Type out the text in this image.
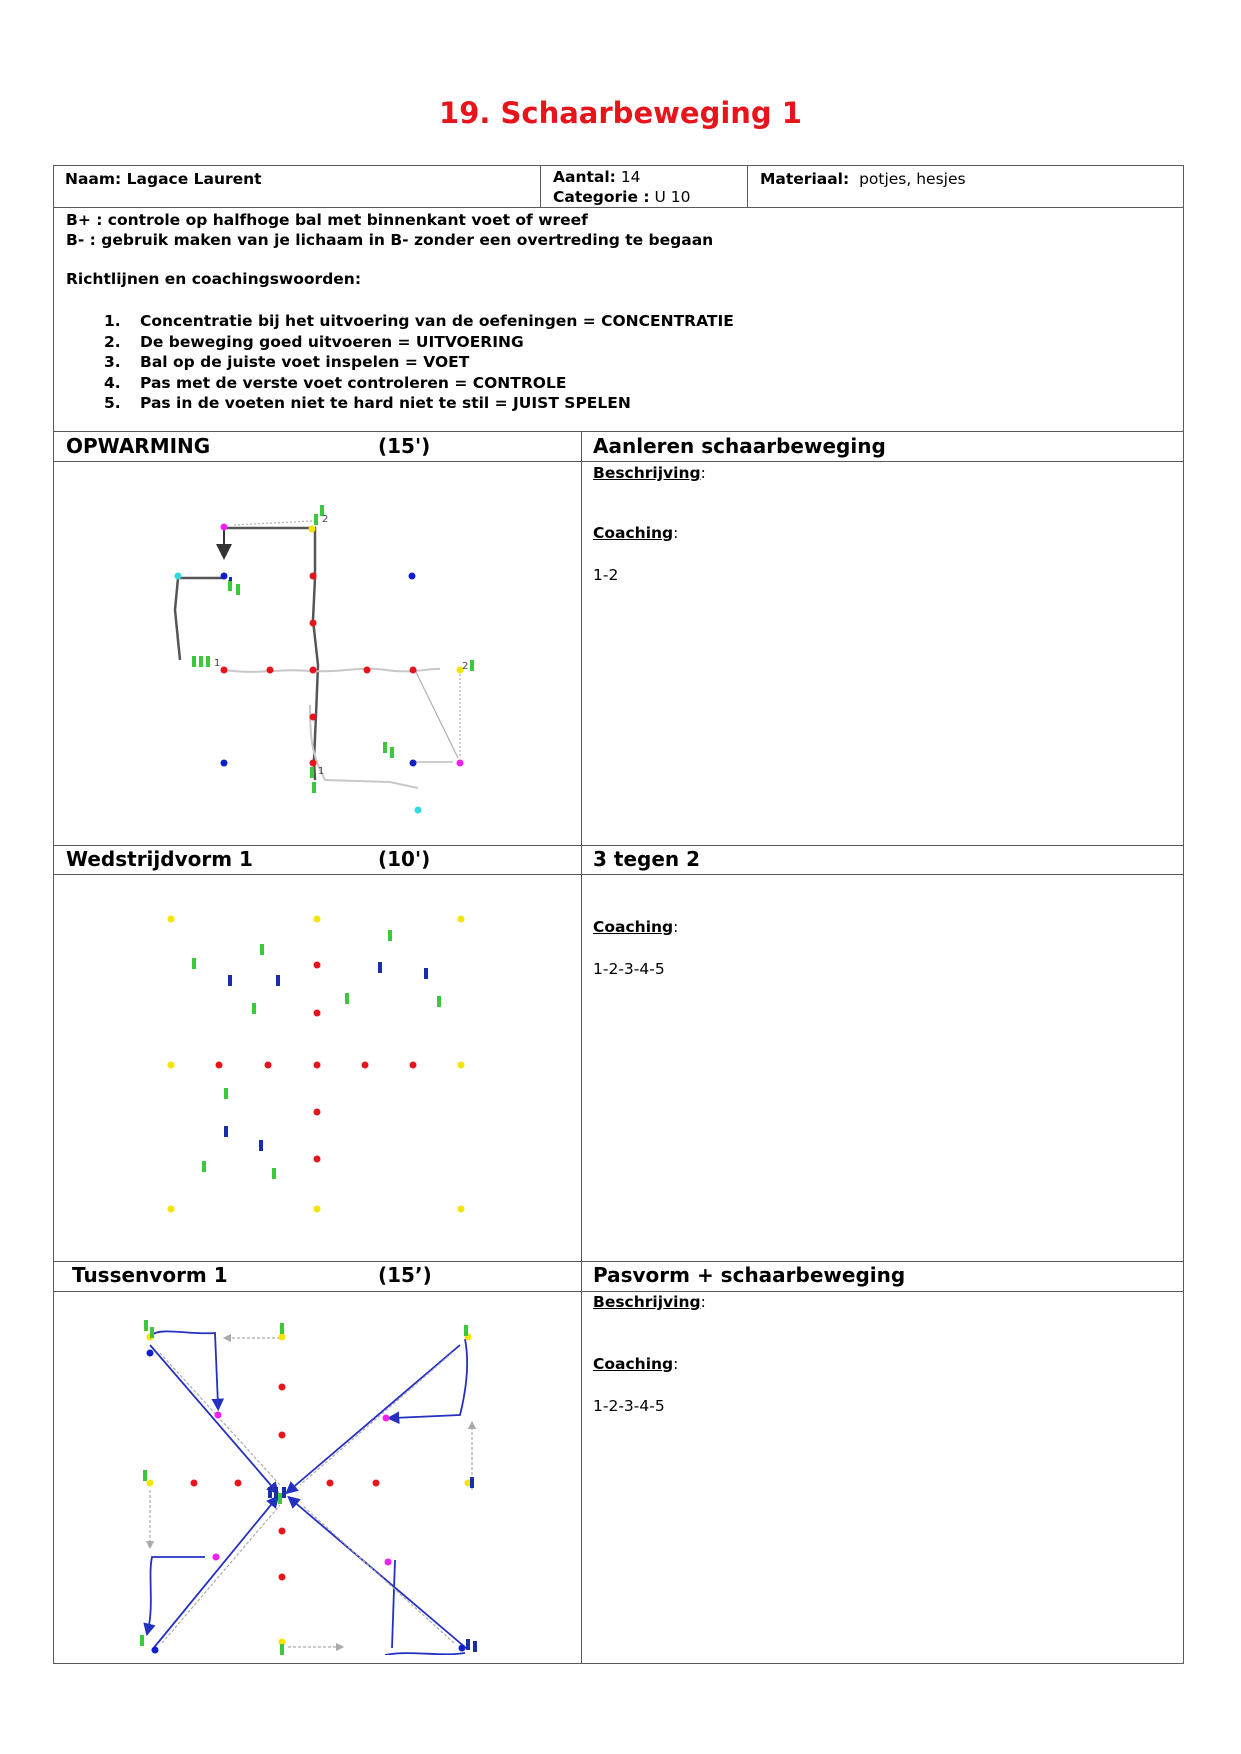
19. Schaarbeweging 1
Naam: Lagace Laurent	Aantal: 14
Categorie : U 10
Materiaal: potjes, hesjes

B+ : controle op halfhoge bal met binnenkant voet of wreef

B- : gebruik maken van je lichaam in B- zonder een overtreding te begaan

Richtlijnen en coachingswoorden:
1. Concentratie bij het uitvoering van de oefeningen = CONCENTRATIE
2. De beweging goed uitvoeren = UITVOERING
3. Bal op de juiste voet inspelen = VOET
4. Pas met de verste voet controleren = CONTROLE
5. Pas in de voeten niet te hard niet te stil = JUIST SPELEN
OPWARMING	(15')	Aanleren schaarbeweging
Beschrijving:
Coaching:
1-2
2
1	2
1
Wedstrijdvorm 1	(10')	3 tegen 2
Coaching:
1-2-3-4-5
Tussenvorm 1	(15’)	Pasvorm + schaarbeweging
Beschrijving:
Coaching:
1-2-3-4-5
